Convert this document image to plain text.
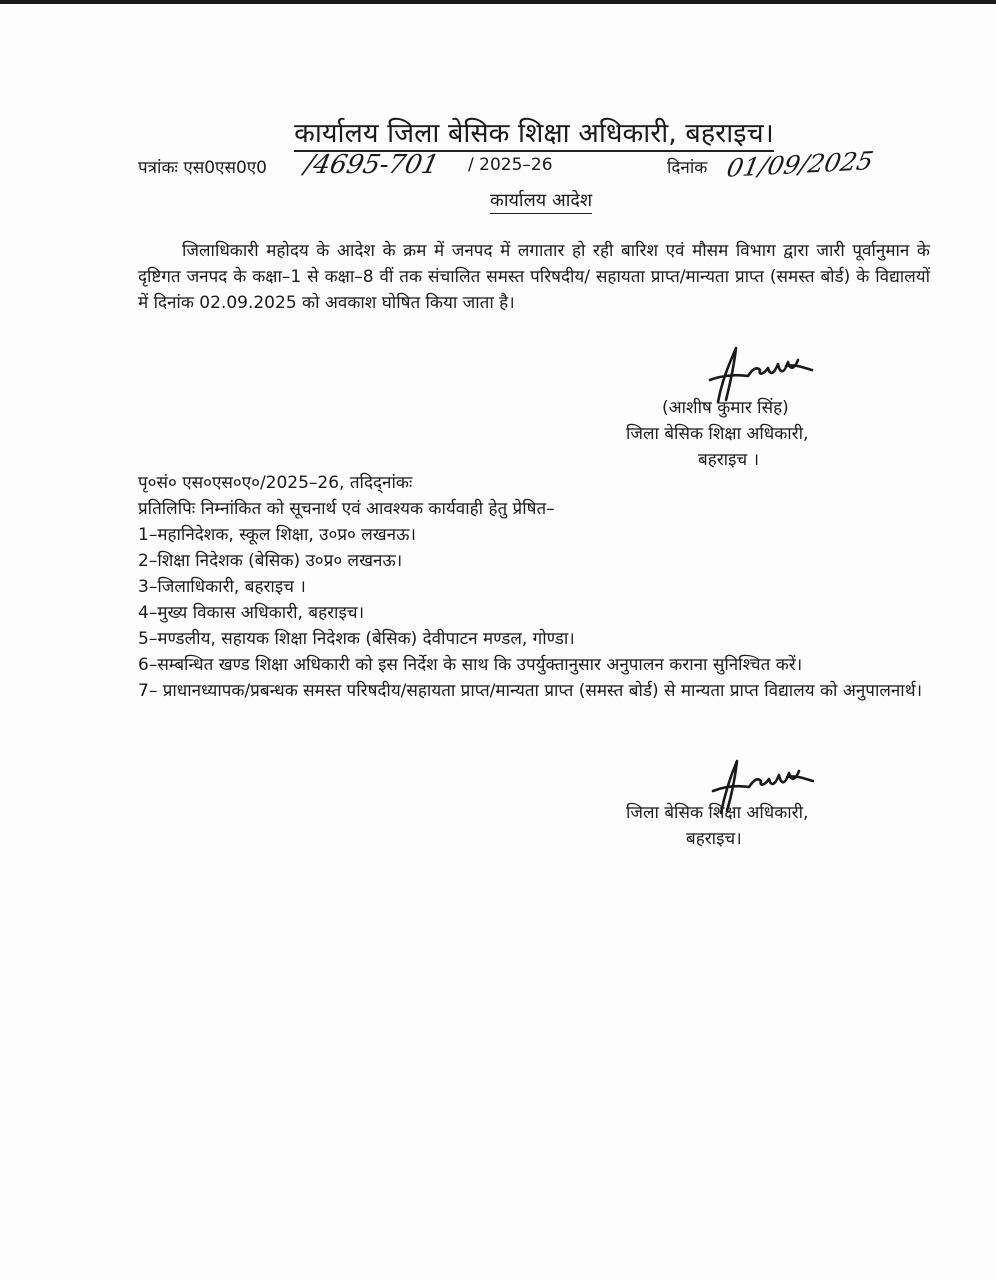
कार्यालय जिला बेसिक शिक्षा अधिकारी, बहराइच।
पत्रांकः एस0एस0ए0 /4695-701 / 2025–26	दिनांक 01/09/2025
कार्यालय आदेश
जिलाधिकारी महोदय के आदेश के क्रम में जनपद में लगातार हो रही बारिश एवं मौसम विभाग द्वारा जारी पूर्वानुमान के दृष्टिगत जनपद के कक्षा–1 से कक्षा–8 वीं तक संचालित समस्त परिषदीय/ सहायता प्राप्त/मान्यता प्राप्त (समस्त बोर्ड) के विद्यालयों में दिनांक 02.09.2025 को अवकाश घोषित किया जाता है।
(आशीष कुमार सिंह)
जिला बेसिक शिक्षा अधिकारी,
बहराइच ।
पृ०सं० एस०एस०ए०/2025–26, तदिद्नांकः
प्रतिलिपिः निम्नांकित को सूचनार्थ एवं आवश्यक कार्यवाही हेतु प्रेषित–
1–महानिदेशक, स्कूल शिक्षा, उ०प्र० लखनऊ।
2–शिक्षा निदेशक (बेसिक) उ०प्र० लखनऊ।
3–जिलाधिकारी, बहराइच ।
4–मुख्य विकास अधिकारी, बहराइच।
5–मण्डलीय, सहायक शिक्षा निदेशक (बेसिक) देवीपाटन मण्डल, गोण्डा।
6–सम्बन्धित खण्ड शिक्षा अधिकारी को इस निर्देश के साथ कि उपर्युक्तानुसार अनुपालन कराना सुनिश्चित करें।
7– प्राधानध्यापक/प्रबन्धक समस्त परिषदीय/सहायता प्राप्त/मान्यता प्राप्त (समस्त बोर्ड) से मान्यता प्राप्त विद्यालय को अनुपालनार्थ।
जिला बेसिक शिक्षा अधिकारी,
बहराइच।
